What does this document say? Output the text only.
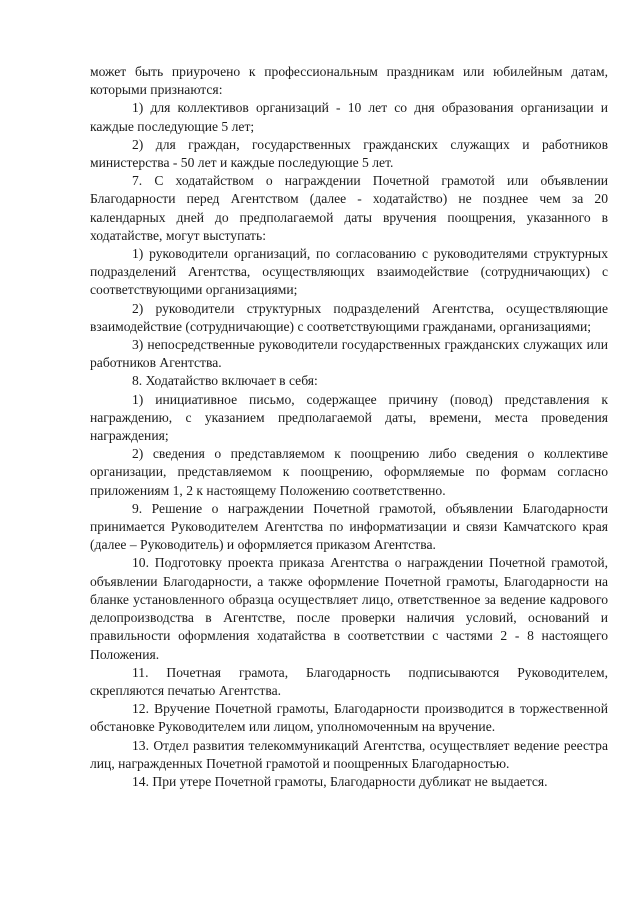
может быть приурочено к профессиональным праздникам или юбилейным датам, которыми признаются:

1) для коллективов организаций - 10 лет со дня образования организации и каждые последующие 5 лет;

2) для граждан, государственных гражданских служащих и работников министерства - 50 лет и каждые последующие 5 лет.

7. С ходатайством о награждении Почетной грамотой или объявлении Благодарности перед Агентством (далее - ходатайство) не позднее чем за 20 календарных дней до предполагаемой даты вручения поощрения, указанного в ходатайстве, могут выступать:

1) руководители организаций, по согласованию с руководителями структурных подразделений Агентства, осуществляющих взаимодействие (сотрудничающих) с соответствующими организациями;

2) руководители структурных подразделений Агентства, осуществляющие взаимодействие (сотрудничающие) с соответствующими гражданами, организациями;

3) непосредственные руководители государственных гражданских служащих или работников Агентства.

8. Ходатайство включает в себя:

1) инициативное письмо, содержащее причину (повод) представления к награждению, с указанием предполагаемой даты, времени, места проведения награждения;

2) сведения о представляемом к поощрению либо сведения о коллективе организации, представляемом к поощрению, оформляемые по формам согласно приложениям 1, 2 к настоящему Положению соответственно.

9. Решение о награждении Почетной грамотой, объявлении Благодарности принимается Руководителем Агентства по информатизации и связи Камчатского края (далее – Руководитель) и оформляется приказом Агентства.

10. Подготовку проекта приказа Агентства о награждении Почетной грамотой, объявлении Благодарности, а также оформление Почетной грамоты, Благодарности на бланке установленного образца осуществляет лицо, ответственное за ведение кадрового делопроизводства в Агентстве, после проверки наличия условий, оснований и правильности оформления ходатайства в соответствии с частями 2 - 8 настоящего Положения.

11. Почетная грамота, Благодарность подписываются Руководителем, скрепляются печатью Агентства.

12. Вручение Почетной грамоты, Благодарности производится в торжественной обстановке Руководителем или лицом, уполномоченным на вручение.

13. Отдел развития телекоммуникаций Агентства, осуществляет ведение реестра лиц, награжденных Почетной грамотой и поощренных Благодарностью.

14. При утере Почетной грамоты, Благодарности дубликат не выдается.
